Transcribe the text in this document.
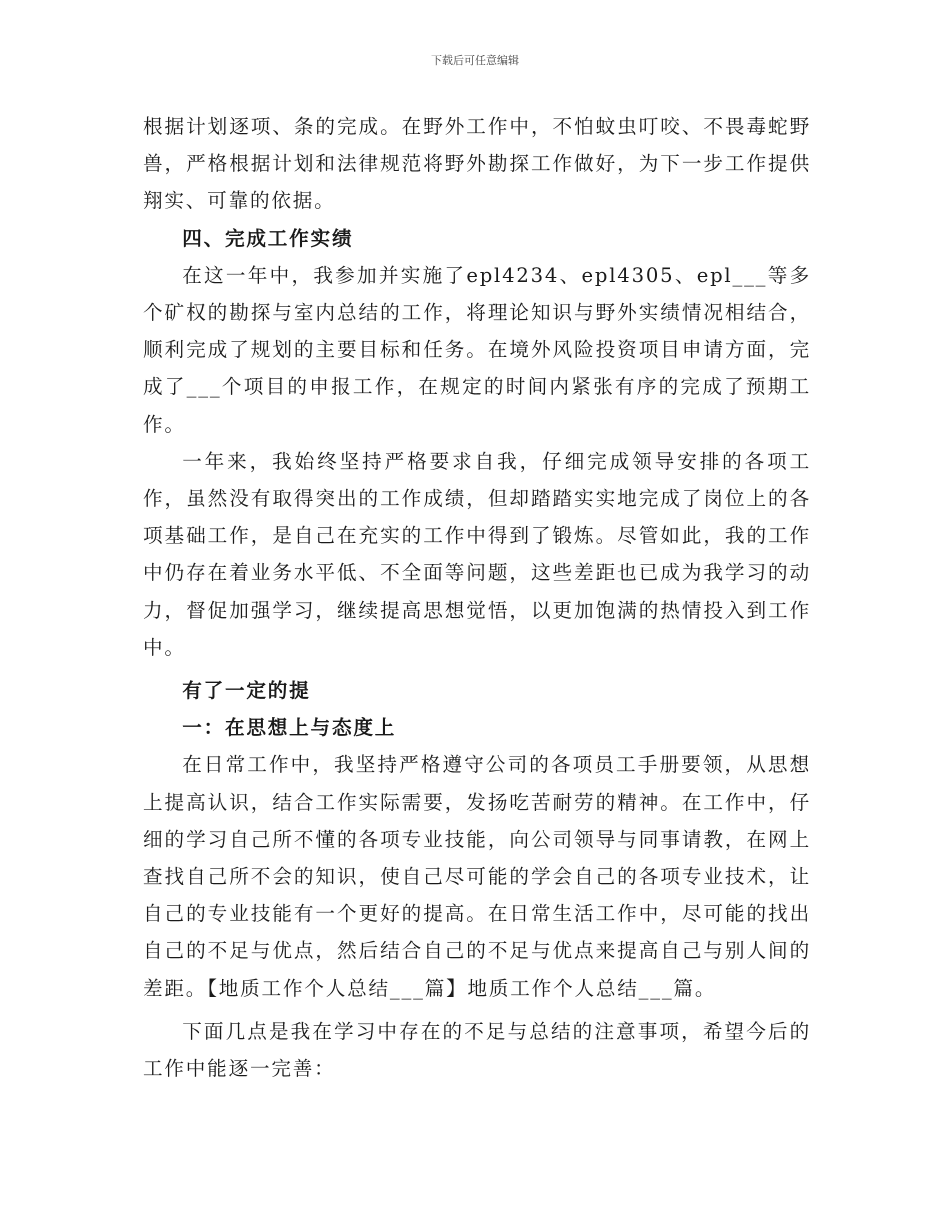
下载后可任意编辑

根据计划逐项、条的完成。在野外工作中，不怕蚊虫叮咬、不畏毒蛇野兽，严格根据计划和法律规范将野外勘探工作做好，为下一步工作提供翔实、可靠的依据。

四、完成工作实绩

在这一年中，我参加并实施了epl4234、epl4305、epl___等多个矿权的勘探与室内总结的工作，将理论知识与野外实绩情况相结合，顺利完成了规划的主要目标和任务。在境外风险投资项目申请方面，完成了___个项目的申报工作，在规定的时间内紧张有序的完成了预期工作。

一年来，我始终坚持严格要求自我，仔细完成领导安排的各项工作，虽然没有取得突出的工作成绩，但却踏踏实实地完成了岗位上的各项基础工作，是自己在充实的工作中得到了锻炼。尽管如此，我的工作中仍存在着业务水平低、不全面等问题，这些差距也已成为我学习的动力，督促加强学习，继续提高思想觉悟，以更加饱满的热情投入到工作中。

有了一定的提

一：在思想上与态度上

在日常工作中，我坚持严格遵守公司的各项员工手册要领，从思想上提高认识，结合工作实际需要，发扬吃苦耐劳的精神。在工作中，仔细的学习自己所不懂的各项专业技能，向公司领导与同事请教，在网上查找自己所不会的知识，使自己尽可能的学会自己的各项专业技术，让自己的专业技能有一个更好的提高。在日常生活工作中，尽可能的找出自己的不足与优点，然后结合自己的不足与优点来提高自己与别人间的差距。【地质工作个人总结___篇】地质工作个人总结___篇。

下面几点是我在学习中存在的不足与总结的注意事项，希望今后的工作中能逐一完善：
